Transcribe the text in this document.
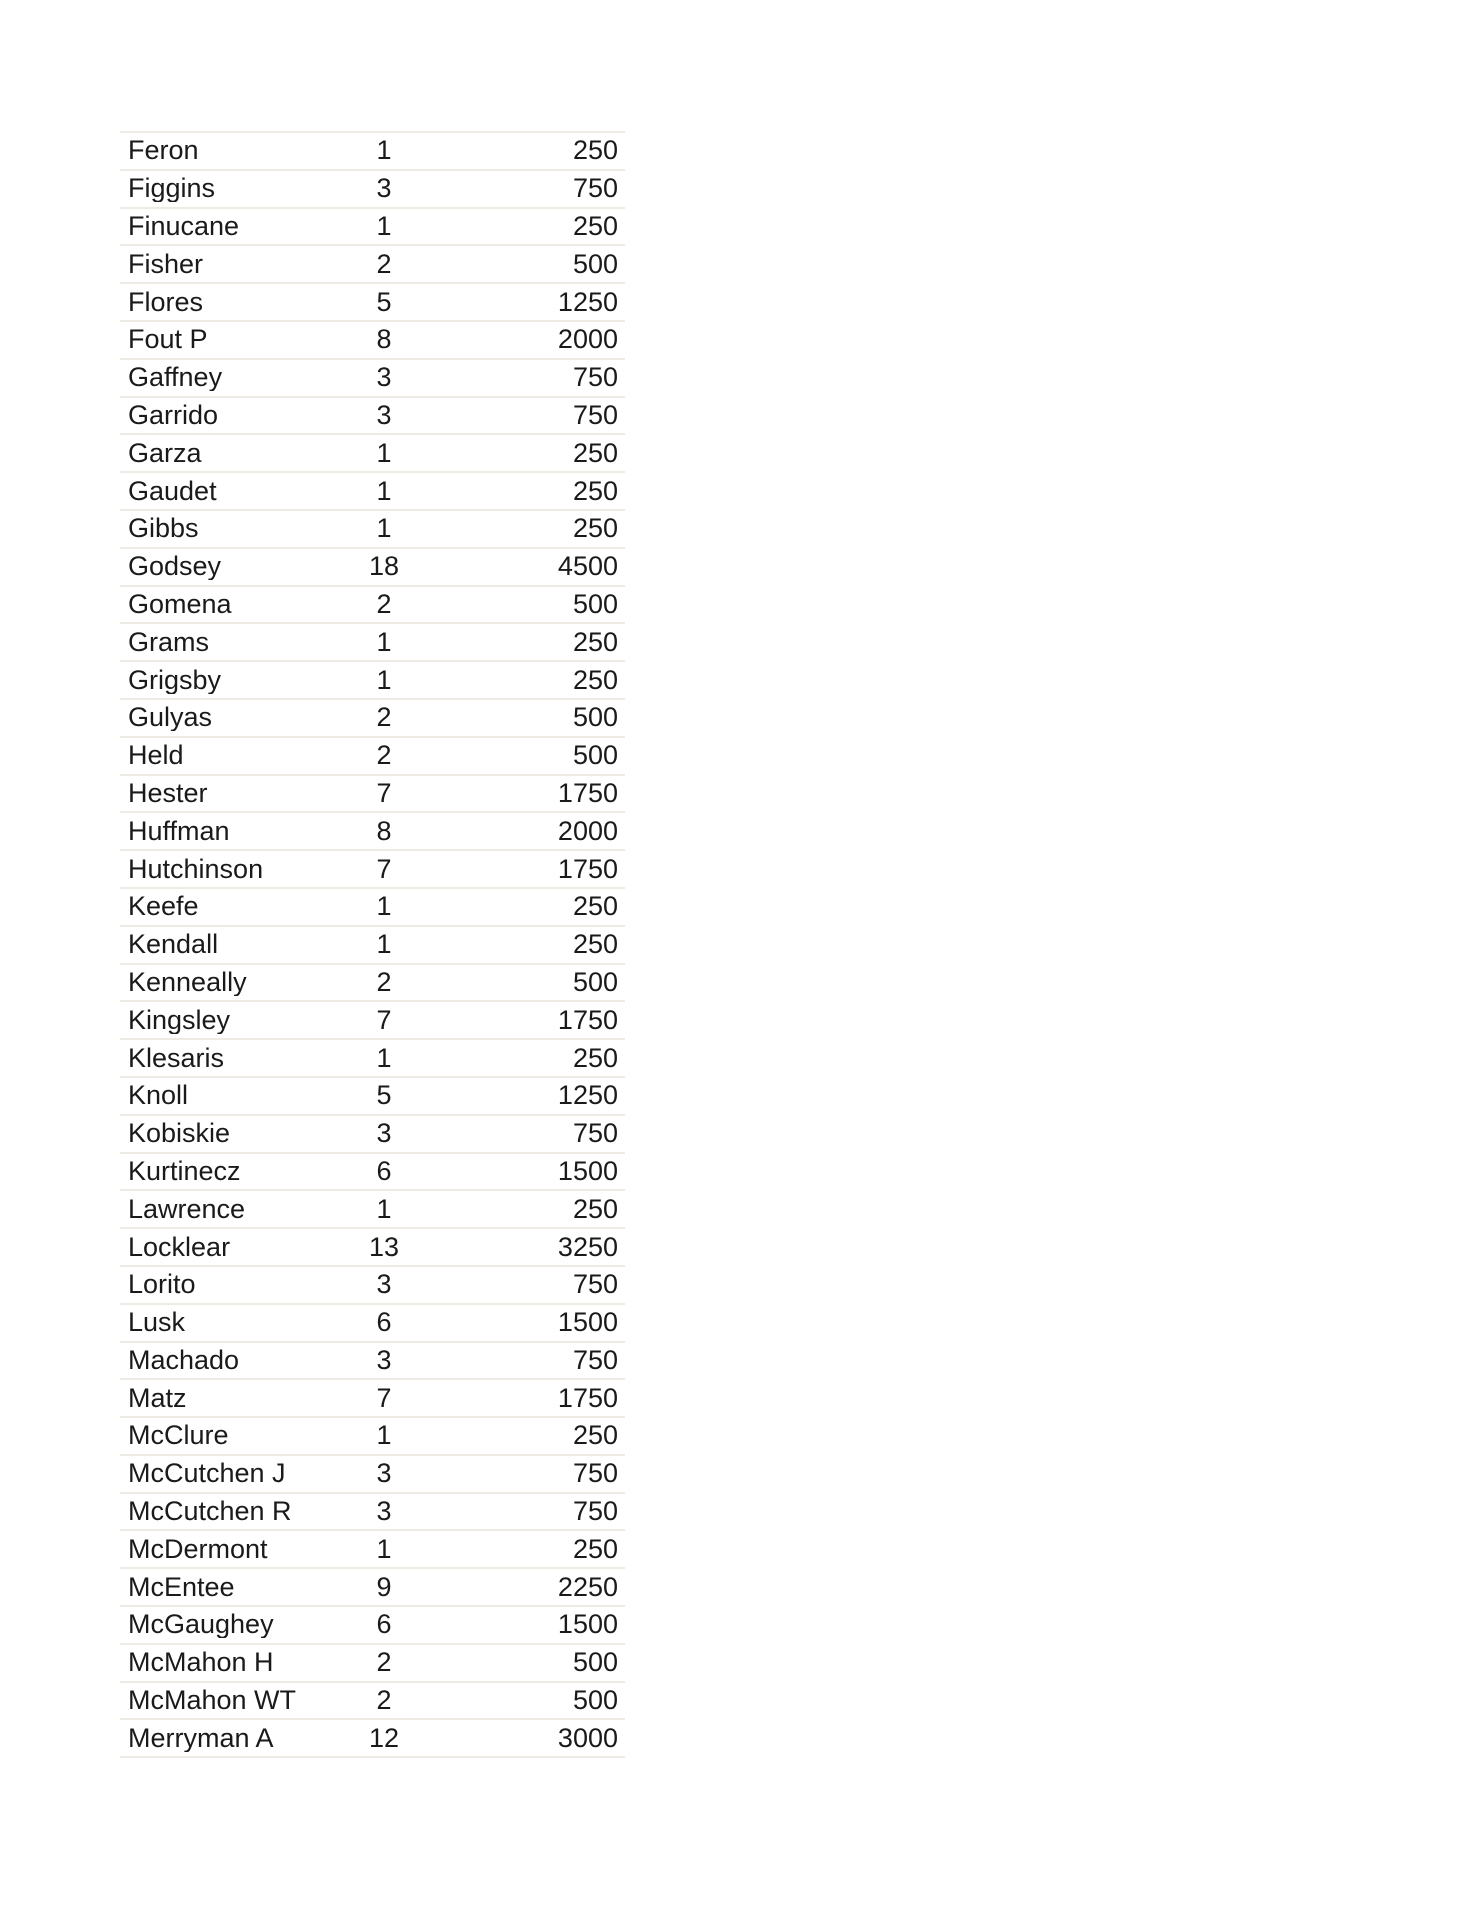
Feron	1	250
Figgins	3	750
Finucane	1	250
Fisher	2	500
Flores	5	1250
Fout P	8	2000
Gaffney	3	750
Garrido	3	750
Garza	1	250
Gaudet	1	250
Gibbs	1	250
Godsey	18	4500
Gomena	2	500
Grams	1	250
Grigsby	1	250
Gulyas	2	500
Held	2	500
Hester	7	1750
Huffman	8	2000
Hutchinson	7	1750
Keefe	1	250
Kendall	1	250
Kenneally	2	500
Kingsley	7	1750
Klesaris	1	250
Knoll	5	1250
Kobiskie	3	750
Kurtinecz	6	1500
Lawrence	1	250
Locklear	13	3250
Lorito	3	750
Lusk	6	1500
Machado	3	750
Matz	7	1750
McClure	1	250
McCutchen J	3	750
McCutchen R	3	750
McDermont	1	250
McEntee	9	2250
McGaughey	6	1500
McMahon H	2	500
McMahon WT	2	500
Merryman A	12	3000
